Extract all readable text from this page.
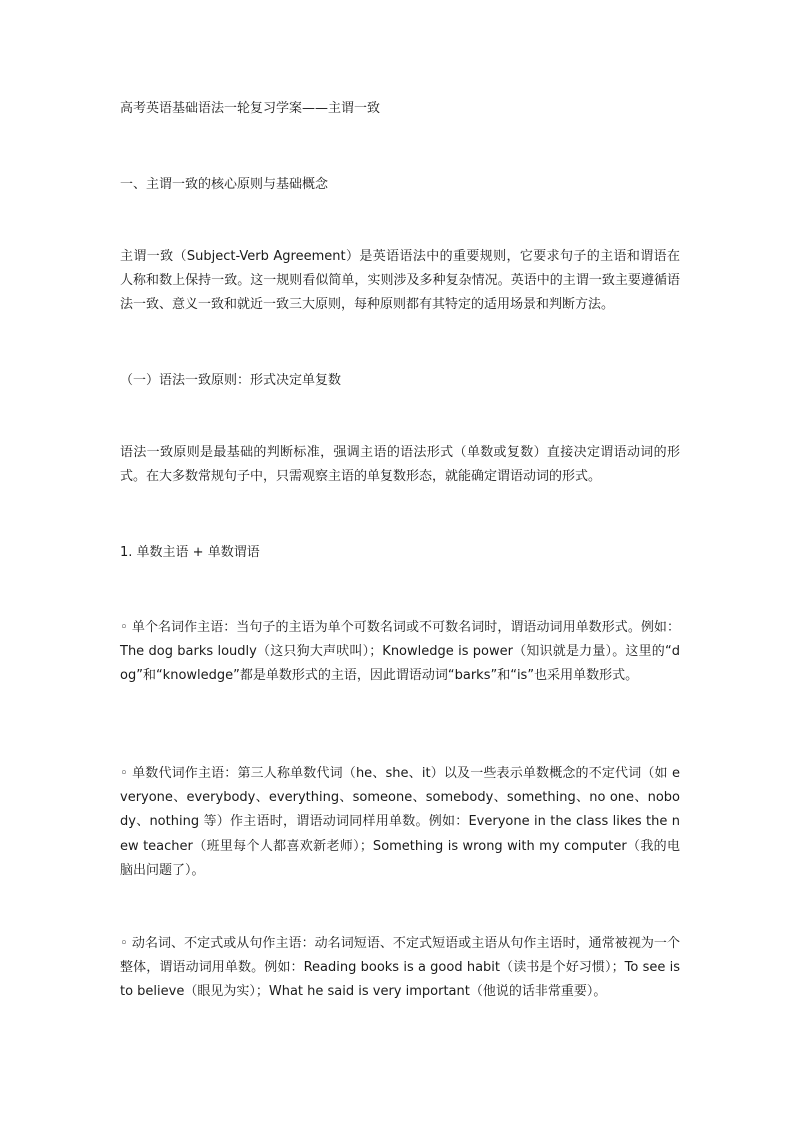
高考英语基础语法一轮复习学案——主谓一致

一、主谓一致的核心原则与基础概念

主谓一致（Subject-Verb Agreement）是英语语法中的重要规则，它要求句子的主语和谓语在人称和数上保持一致。这一规则看似简单，实则涉及多种复杂情况。英语中的主谓一致主要遵循语法一致、意义一致和就近一致三大原则，每种原则都有其特定的适用场景和判断方法。

（一）语法一致原则：形式决定单复数

语法一致原则是最基础的判断标准，强调主语的语法形式（单数或复数）直接决定谓语动词的形式。在大多数常规句子中，只需观察主语的单复数形态，就能确定谓语动词的形式。

1. 单数主语 + 单数谓语

◦ 单个名词作主语：当句子的主语为单个可数名词或不可数名词时，谓语动词用单数形式。例如：The dog barks loudly（这只狗大声吠叫）；Knowledge is power（知识就是力量）。这里的“dog”和“knowledge”都是单数形式的主语，因此谓语动词“barks”和“is”也采用单数形式。

◦ 单数代词作主语：第三人称单数代词（he、she、it）以及一些表示单数概念的不定代词（如 everyone、everybody、everything、someone、somebody、something、no one、nobody、nothing 等）作主语时，谓语动词同样用单数。例如：Everyone in the class likes the new teacher（班里每个人都喜欢新老师）；Something is wrong with my computer（我的电脑出问题了）。

◦ 动名词、不定式或从句作主语：动名词短语、不定式短语或主语从句作主语时，通常被视为一个整体，谓语动词用单数。例如：Reading books is a good habit（读书是个好习惯）；To see is to believe（眼见为实）；What he said is very important（他说的话非常重要）。
